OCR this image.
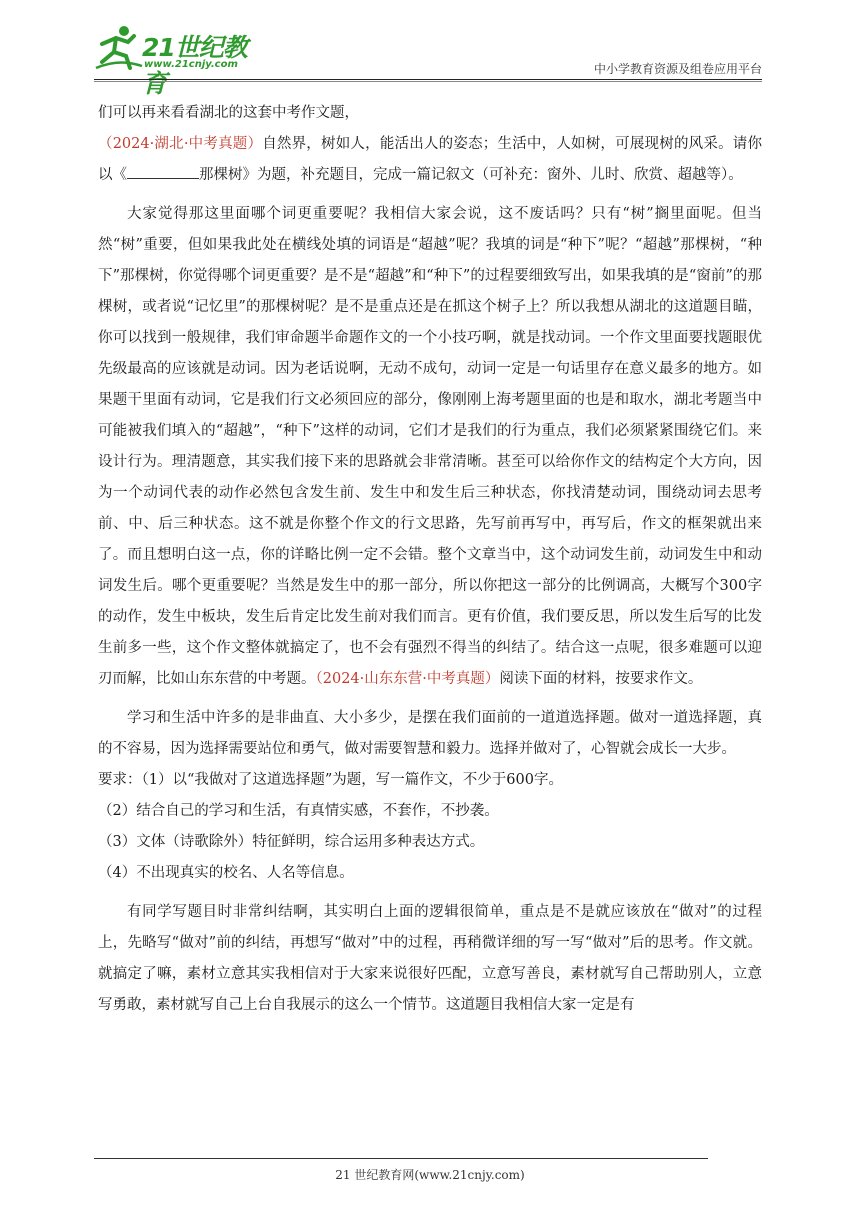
21世纪教育
www.21cnjy.com	中小学教育资源及组卷应用平台

们可以再来看看湖北的这套中考作文题，

（2024·湖北·中考真题）自然界，树如人，能活出人的姿态；生活中，人如树，可展现树的风采。请你以《	那棵树》为题，补充题目，完成一篇记叙文（可补充：窗外、儿时、欣赏、超越等）。

大家觉得那这里面哪个词更重要呢？我相信大家会说，这不废话吗？只有“树”搁里面呢。但当然“树”重要，但如果我此处在横线处填的词语是“超越”呢？我填的词是“种下”呢？“超越”那棵树，“种下”那棵树，你觉得哪个词更重要？是不是“超越”和“种下”的过程要细致写出，如果我填的是“窗前”的那棵树，或者说“记忆里”的那棵树呢？是不是重点还是在抓这个树子上？所以我想从湖北的这道题目瞄，你可以找到一般规律，我们审命题半命题作文的一个小技巧啊，就是找动词。一个作文里面要找题眼优先级最高的应该就是动词。因为老话说啊，无动不成句，动词一定是一句话里存在意义最多的地方。如果题干里面有动词，它是我们行文必须回应的部分，像刚刚上海考题里面的也是和取水，湖北考题当中可能被我们填入的“超越”，“种下”这样的动词，它们才是我们的行为重点，我们必须紧紧围绕它们。来设计行为。理清题意，其实我们接下来的思路就会非常清晰。甚至可以给你作文的结构定个大方向，因为一个动词代表的动作必然包含发生前、发生中和发生后三种状态，你找清楚动词，围绕动词去思考前、中、后三种状态。这不就是你整个作文的行文思路，先写前再写中，再写后，作文的框架就出来了。而且想明白这一点，你的详略比例一定不会错。整个文章当中，这个动词发生前，动词发生中和动词发生后。哪个更重要呢？当然是发生中的那一部分，所以你把这一部分的比例调高，大概写个300字的动作，发生中板块，发生后肯定比发生前对我们而言。更有价值，我们要反思，所以发生后写的比发生前多一些，这个作文整体就搞定了，也不会有强烈不得当的纠结了。结合这一点呢，很多难题可以迎刃而解，比如山东东营的中考题。（2024·山东东营·中考真题）阅读下面的材料，按要求作文。

学习和生活中许多的是非曲直、大小多少，是摆在我们面前的一道道选择题。做对一道选择题，真的不容易，因为选择需要站位和勇气，做对需要智慧和毅力。选择并做对了，心智就会成长一大步。

要求：（1）以“我做对了这道选择题”为题，写一篇作文，不少于600字。

（2）结合自己的学习和生活，有真情实感，不套作，不抄袭。

（3）文体（诗歌除外）特征鲜明，综合运用多种表达方式。

（4）不出现真实的校名、人名等信息。

有同学写题目时非常纠结啊，其实明白上面的逻辑很简单，重点是不是就应该放在“做对”的过程上，先略写“做对”前的纠结，再想写“做对”中的过程，再稍微详细的写一写“做对”后的思考。作文就。就搞定了嘛，素材立意其实我相信对于大家来说很好匹配，立意写善良，素材就写自己帮助别人，立意写勇敢，素材就写自己上台自我展示的这么一个情节。这道题目我相信大家一定是有

21 世纪教育网(www.21cnjy.com)
